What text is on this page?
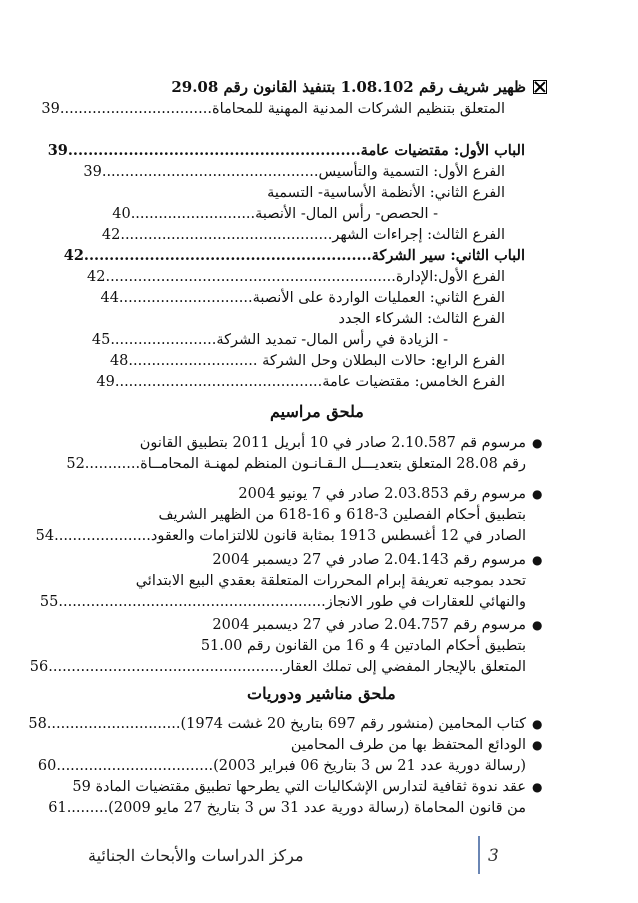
ظهير شريف رقم 1.08.102 بتنفيذ القانون رقم 29.08
المتعلق بتنظيم الشركات المدنية المهنية للمحاماة.................................39
الباب الأول: مقتضيات عامة..........................................................39
الفرع الأول: التسمية والتأسيس...............................................39
الفرع الثاني: الأنظمة الأساسية- التسمية
- الحصص- رأس المال- الأنصبة...........................40
الفرع الثالث: إجراءات الشهر..............................................42
الباب الثاني: سير الشركة.........................................................42
الفرع الأول:الإدارة...............................................................42
الفرع الثاني: العمليات الواردة على الأنصبة.............................44
الفرع الثالث: الشركاء الجدد
- الزيادة في رأس المال- تمديد الشركة.......................45
الفرع الرابع: حالات البطلان وحل الشركة ............................48
الفرع الخامس: مقتضيات عامة.............................................49
ملحق مراسيم
●
مرسوم قم 2.10.587 صادر في 10 أبريل 2011 بتطبيق القانون
رقم 28.08 المتعلق بتعديـــل الـقـانـون المنظم لمهنـة المحامــاة............52
●
مرسوم رقم 2.03.853 صادر في 7 يونيو 2004
بتطبيق أحكام الفصلين 3-618 و 16-618 من الظهير الشريف
الصادر في 12 أغسطس 1913 بمثابة قانون للالتزامات والعقود.....................54
●
مرسوم رقم 2.04.143 صادر في 27 ديسمبر 2004
تحدد بموجبه تعريفة إبرام المحررات المتعلقة بعقدي البيع الابتدائي
والنهائي للعقارات في طور الانجاز..........................................................55
●
مرسوم رقم 2.04.757 صادر في 27 ديسمبر 2004
بتطبيق أحكام المادتين 4 و 16 من القانون رقم 51.00
المتعلق بالإيجار المفضي إلى تملك العقار...................................................56
ملحق مناشير ودوريات
●
كتاب المحامين (منشور رقم 697 بتاريخ 20 غشت 1974).............................58
●
الودائع المحتفظ بها من طرف المحامين
(رسالة دورية عدد 21 س 3 بتاريخ 06 فبراير 2003)..................................60
●
عقد ندوة ثقافية لتدارس الإشكاليات التي يطرحها تطبيق مقتضيات المادة 59
من قانون المحاماة (رسالة دورية عدد 31 س 3 بتاريخ 27 مايو 2009).........61
3
مركز الدراسات والأبحاث الجنائية
